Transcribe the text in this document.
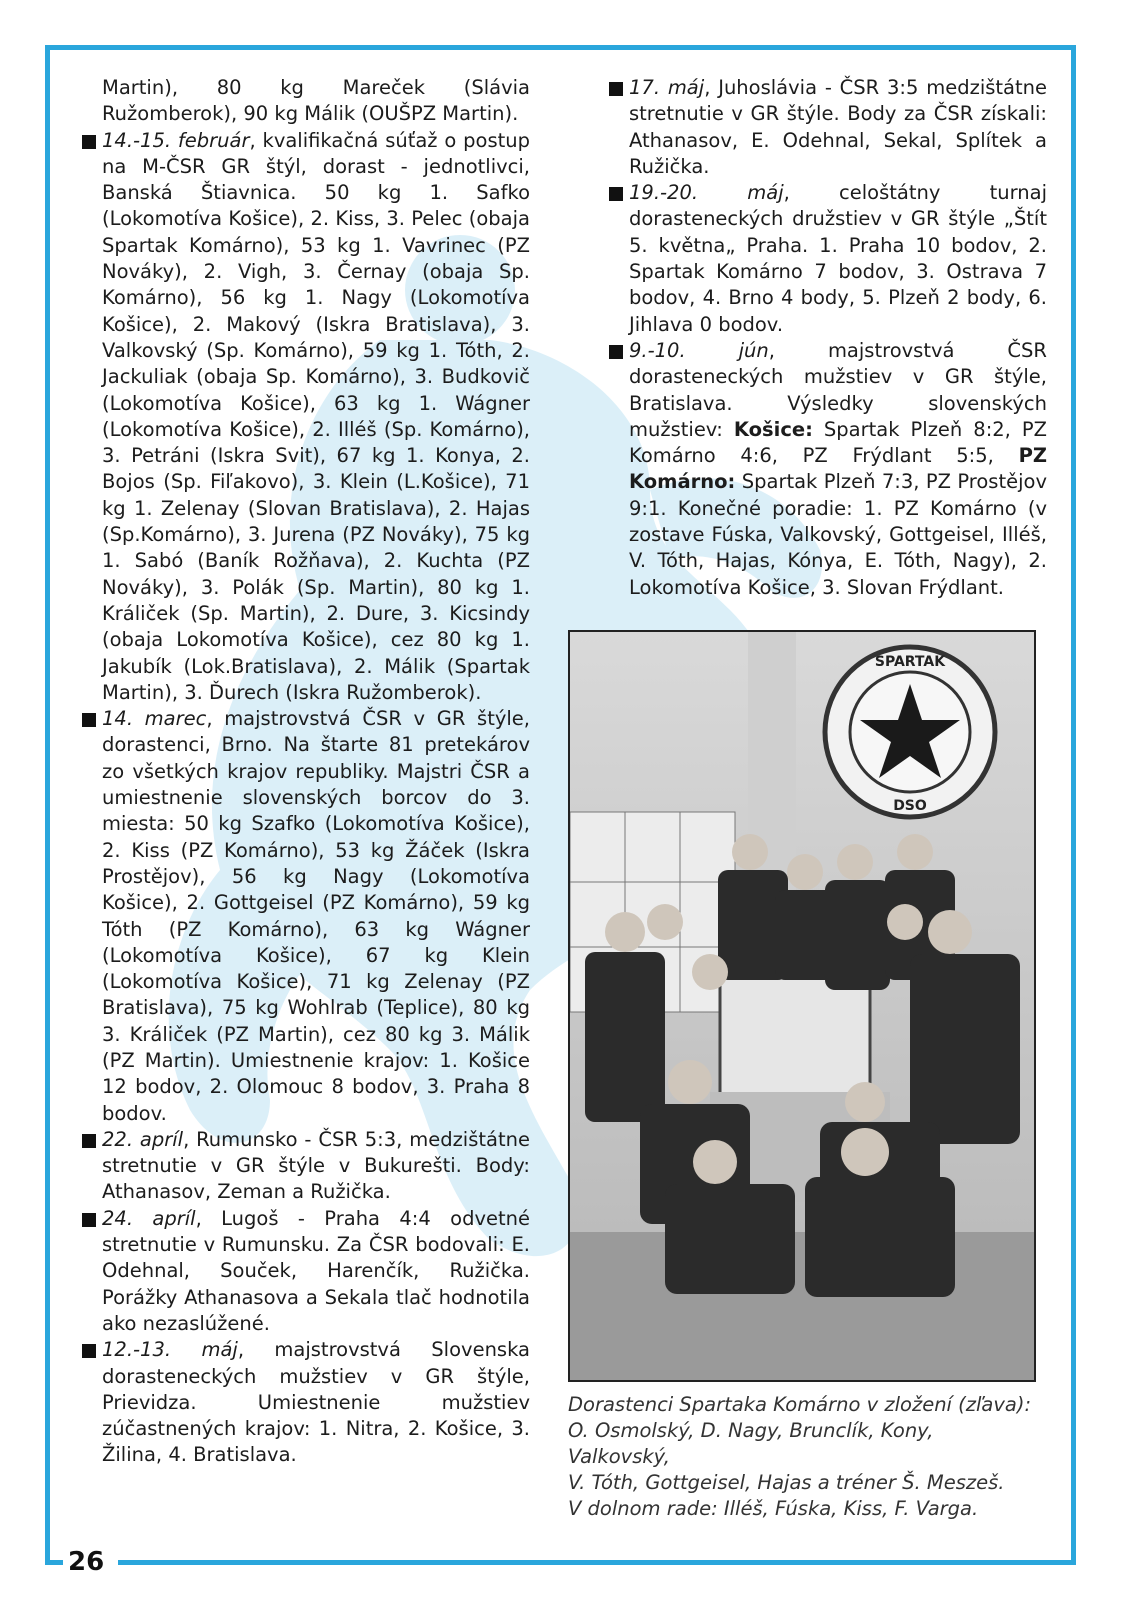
26

Martin), 80 kg Mareček (Slávia Ružomberok), 90 kg Málik (OUŠPZ Martin).

14.-15. február, kvalifikačná súťaž o postup na M-ČSR GR štýl, dorast - jednotlivci, Banská Štiavnica. 50 kg 1. Safko (Lokomotíva Košice), 2. Kiss, 3. Pelec (obaja Spartak Komárno), 53 kg 1. Vavrinec (PZ Nováky), 2. Vigh, 3. Černay (obaja Sp. Komárno), 56 kg 1. Nagy (Lokomotíva Košice), 2. Makový (Iskra Bratislava), 3. Valkovský (Sp. Komárno), 59 kg 1. Tóth, 2. Jackuliak (obaja Sp. Komárno), 3. Budkovič (Lokomotíva Košice), 63 kg 1. Wágner (Lokomotíva Košice), 2. Illéš (Sp. Komárno), 3. Petráni (Iskra Svit), 67 kg 1. Konya, 2. Bojos (Sp. Fiľakovo), 3. Klein (L.Košice), 71 kg 1. Zelenay (Slovan Bratislava), 2. Hajas (Sp.Komárno), 3. Jurena (PZ Nováky), 75 kg 1. Sabó (Baník Rožňava), 2. Kuchta (PZ Nováky), 3. Polák (Sp. Martin), 80 kg 1. Králiček (Sp. Martin), 2. Dure, 3. Kicsindy (obaja Lokomotíva Košice), cez 80 kg 1. Jakubík (Lok.Bratislava), 2. Málik (Spartak Martin), 3. Ďurech (Iskra Ružomberok).

14. marec, majstrovstvá ČSR v GR štýle, dorastenci, Brno. Na štarte 81 pretekárov zo všetkých krajov republiky. Majstri ČSR a umiestnenie slovenských borcov do 3. miesta: 50 kg Szafko (Lokomotíva Košice), 2. Kiss (PZ Komárno), 53 kg Žáček (Iskra Prostějov), 56 kg Nagy (Lokomotíva Košice), 2. Gottgeisel (PZ Komárno), 59 kg Tóth (PZ Komárno), 63 kg Wágner (Lokomotíva Košice), 67 kg Klein (Lokomotíva Košice), 71 kg Zelenay (PZ Bratislava), 75 kg Wohlrab (Teplice), 80 kg 3. Králiček (PZ Martin), cez 80 kg 3. Málik (PZ Martin). Umiestnenie krajov: 1. Košice 12 bodov, 2. Olomouc 8 bodov, 3. Praha 8 bodov.

22. apríl, Rumunsko - ČSR 5:3, medzištátne stretnutie v GR štýle v Bukurešti. Body: Athanasov, Zeman a Ružička.

24. apríl, Lugoš - Praha 4:4 odvetné stretnutie v Rumunsku. Za ČSR bodovali: E. Odehnal, Souček, Harenčík, Ružička. Porážky Athanasova a Sekala tlač hodnotila ako nezaslúžené.

12.-13. máj, majstrovstvá Slovenska dorasteneckých mužstiev v GR štýle, Prievidza. Umiestnenie mužstiev zúčastnených krajov: 1. Nitra, 2. Košice, 3. Žilina, 4. Bratislava.

17. máj, Juhoslávia - ČSR 3:5 medzištátne stretnutie v GR štýle. Body za ČSR získali: Athanasov, E. Odehnal, Sekal, Splítek a Ružička.

19.-20. máj, celoštátny turnaj dorasteneckých družstiev v GR štýle „Štít 5. května„ Praha. 1. Praha 10 bodov, 2. Spartak Komárno 7 bodov, 3. Ostrava 7 bodov, 4. Brno 4 body, 5. Plzeň 2 body, 6. Jihlava 0 bodov.

9.-10. jún, majstrovstvá ČSR dorasteneckých mužstiev v GR štýle, Bratislava. Výsledky slovenských mužstiev: Košice: Spartak Plzeň 8:2, PZ Komárno 4:6, PZ Frýdlant 5:5, PZ Komárno: Spartak Plzeň 7:3, PZ Prostějov 9:1. Konečné poradie: 1. PZ Komárno (v zostave Fúska, Valkovský, Gottgeisel, Illéš, V. Tóth, Hajas, Kónya, E. Tóth, Nagy), 2. Lokomotíva Košice, 3. Slovan Frýdlant.

SPARTAK
DSO
Dorastenci Spartaka Komárno v zložení (zľava):
O. Osmolský, D. Nagy, Brunclík, Kony, Valkovský,
V. Tóth, Gottgeisel, Hajas a tréner Š. Meszeš.
V dolnom rade: Illéš, Fúska, Kiss, F. Varga.
